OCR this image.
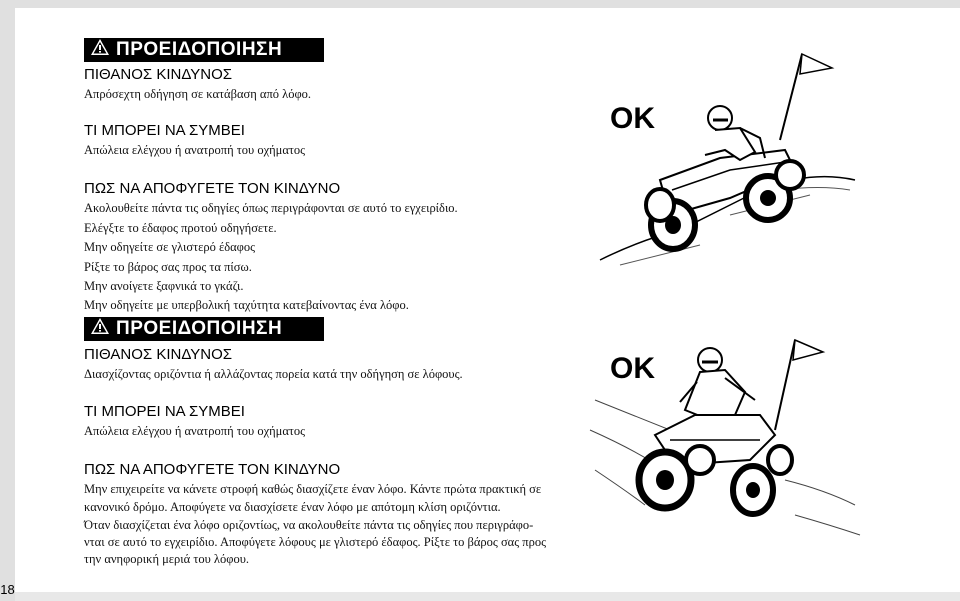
18
ΠΡΟΕΙΔΟΠΟΙΗΣΗ
ΠΙΘΑΝΟΣ ΚΙΝΔΥΝΟΣ
Απρόσεχτη οδήγηση σε κατάβαση από λόφο.
ΤΙ ΜΠΟΡΕΙ ΝΑ ΣΥΜΒΕΙ
Απώλεια ελέγχου ή ανατροπή του οχήματος
ΠΩΣ ΝΑ ΑΠΟΦΥΓΕΤΕ ΤΟΝ ΚΙΝΔΥΝΟ
Ακολουθείτε πάντα τις οδηγίες όπως περιγράφονται σε αυτό το εγχειρίδιο.
Ελέγξτε το έδαφος προτού οδηγήσετε.
Μην οδηγείτε σε γλιστερό έδαφος
Ρίξτε το βάρος σας προς τα πίσω.
Μην ανοίγετε ξαφνικά το γκάζι.
Μην οδηγείτε με υπερβολική ταχύτητα κατεβαίνοντας ένα λόφο.
ΠΡΟΕΙΔΟΠΟΙΗΣΗ
ΠΙΘΑΝΟΣ ΚΙΝΔΥΝΟΣ
Διασχίζοντας οριζόντια ή αλλάζοντας πορεία κατά την οδήγηση σε λόφους.
ΤΙ ΜΠΟΡΕΙ ΝΑ ΣΥΜΒΕΙ
Απώλεια ελέγχου ή ανατροπή του οχήματος
ΠΩΣ ΝΑ ΑΠΟΦΥΓΕΤΕ ΤΟΝ ΚΙΝΔΥΝΟ
Μην επιχειρείτε να κάνετε στροφή καθώς διασχίζετε έναν λόφο. Κάντε πρώτα πρακτική σε
κανονικό δρόμο. Αποφύγετε να διασχίσετε έναν λόφο με απότομη κλίση οριζόντια.
Όταν διασχίζεται ένα λόφο οριζοντίως, να ακολουθείτε πάντα τις οδηγίες που περιγράφο-
νται σε αυτό το εγχειρίδιο. Αποφύγετε λόφους με γλιστερό έδαφος. Ρίξτε το βάρος σας προς
την ανηφορική μεριά του λόφου.
OK
OK
